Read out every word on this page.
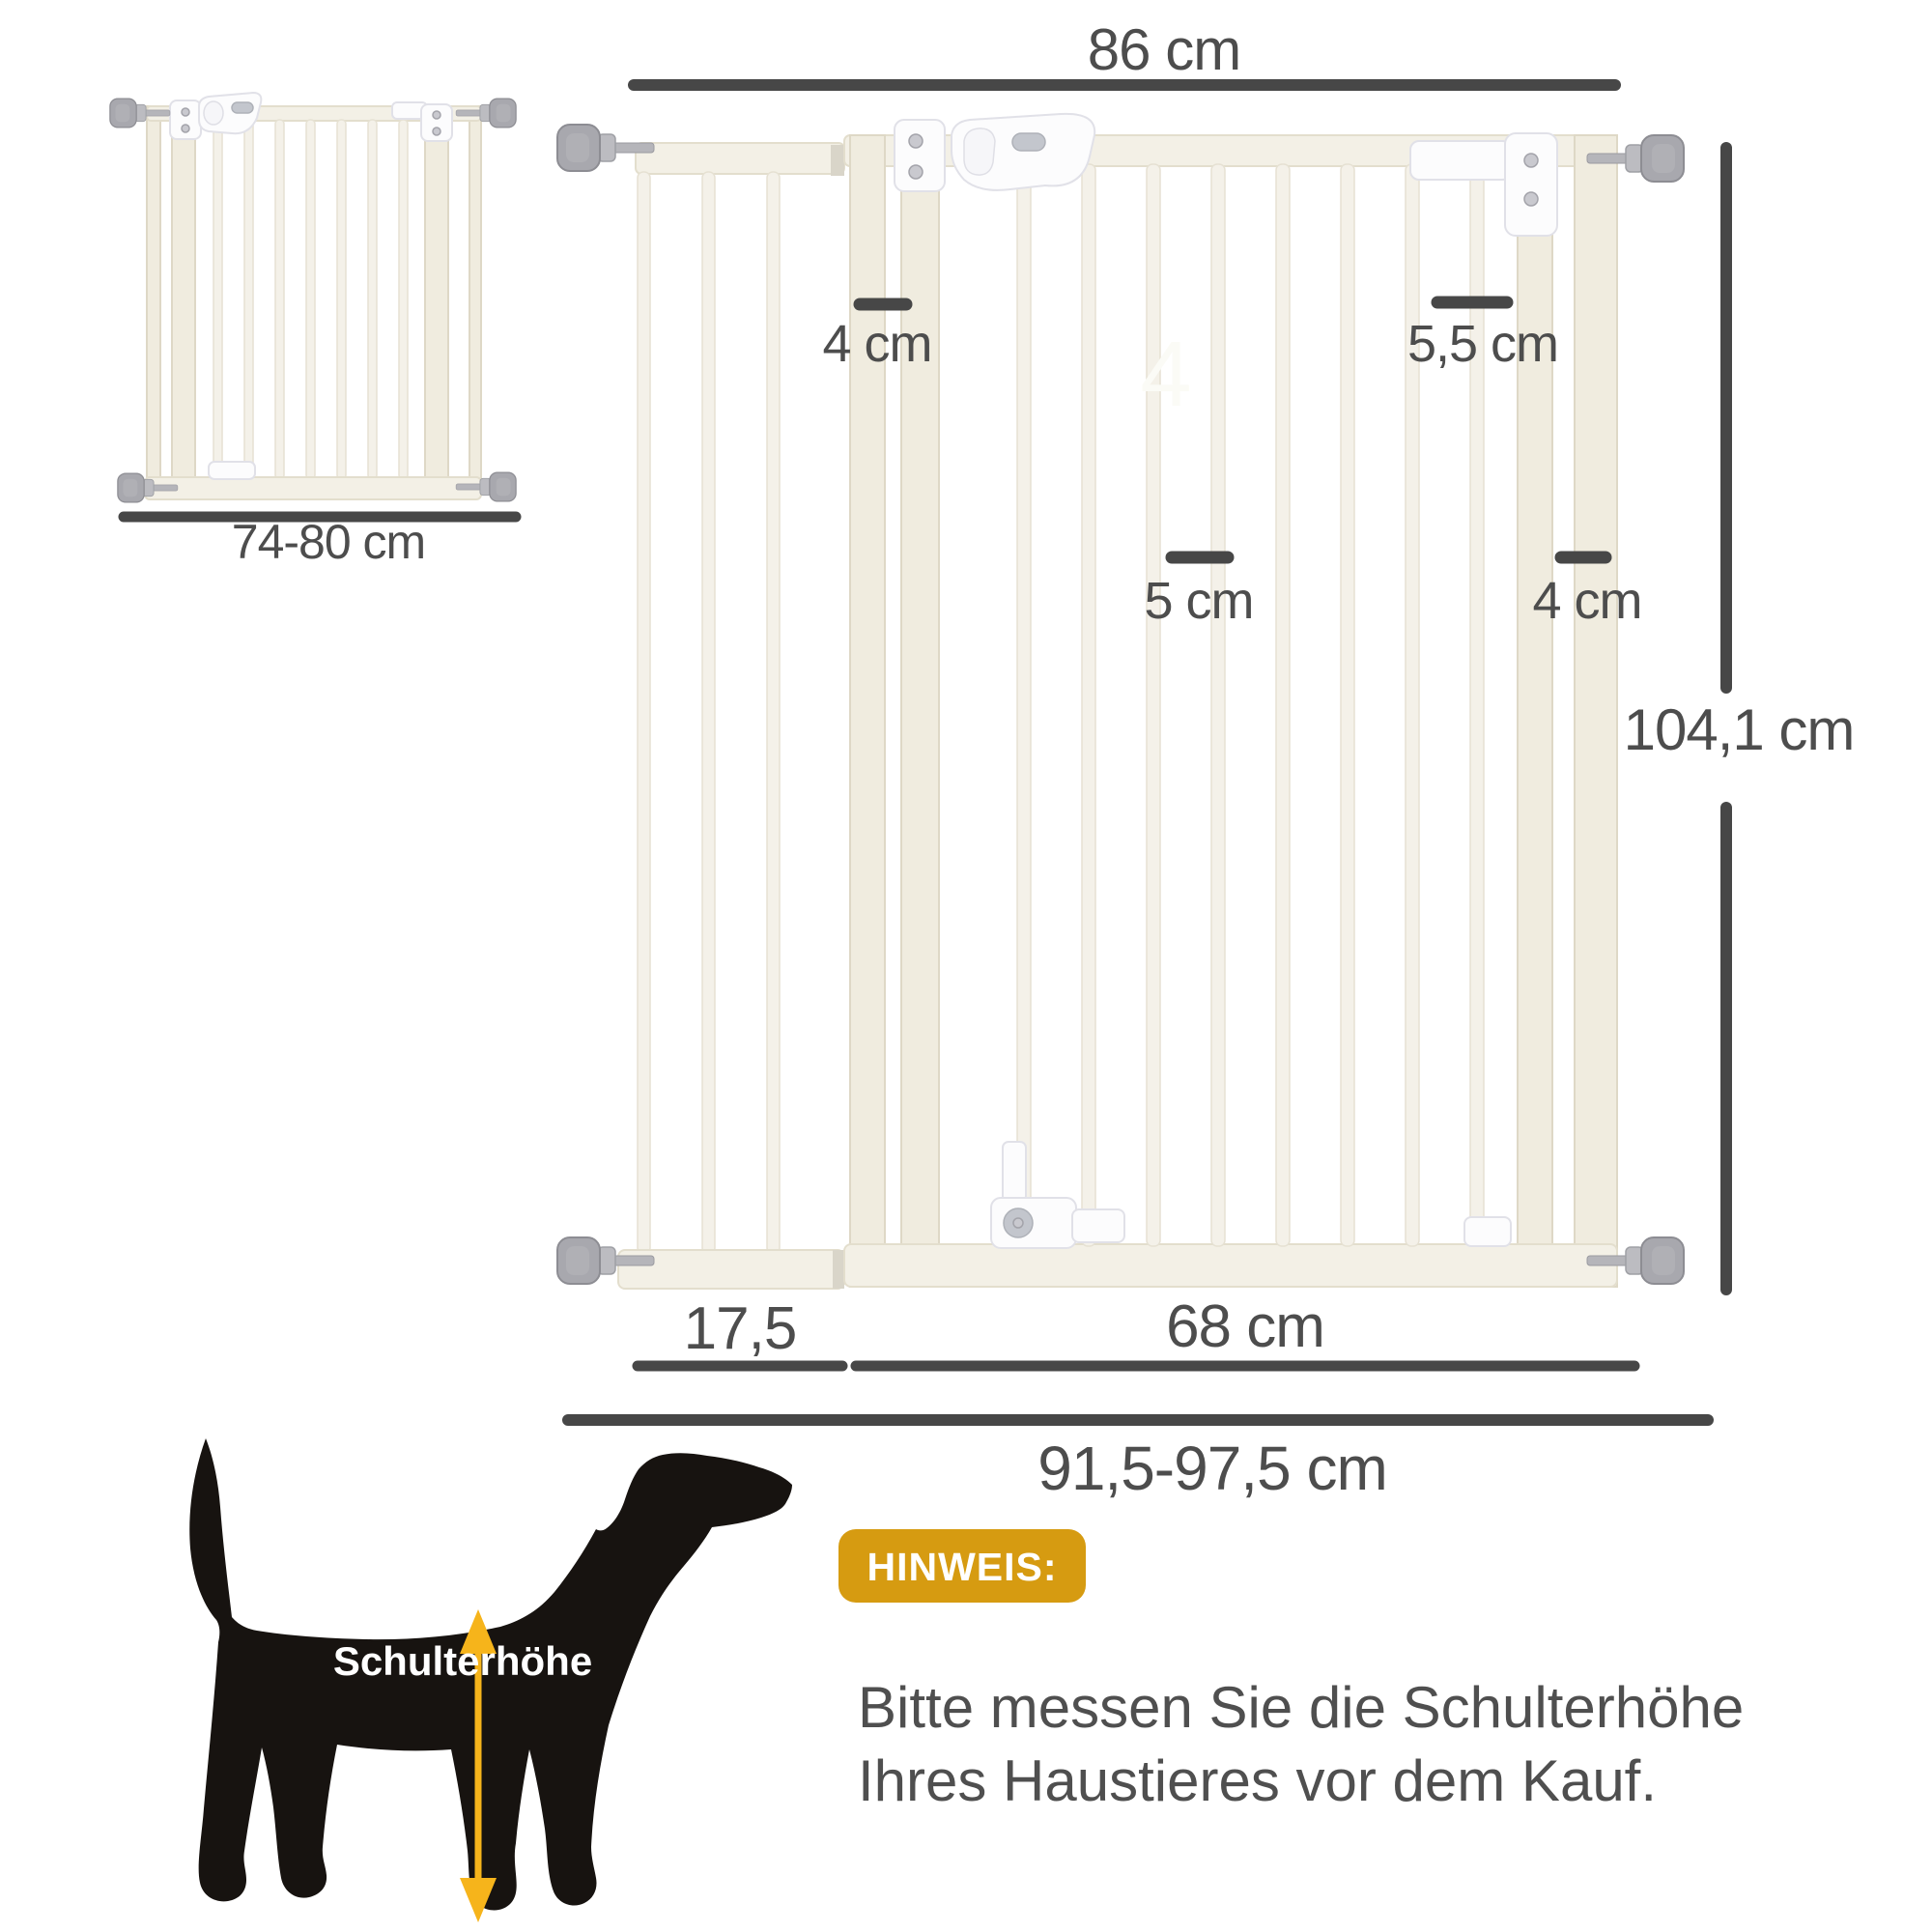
74-80 cm
4
86 cm
104,1 cm
4 cm	5,5 cm
5 cm	4 cm
17,5	68 cm
91,5-97,5 cm
Schulterhöhe
HINWEIS:
Bitte messen Sie die Schulterhöhe
Ihres Haustieres vor dem Kauf.
